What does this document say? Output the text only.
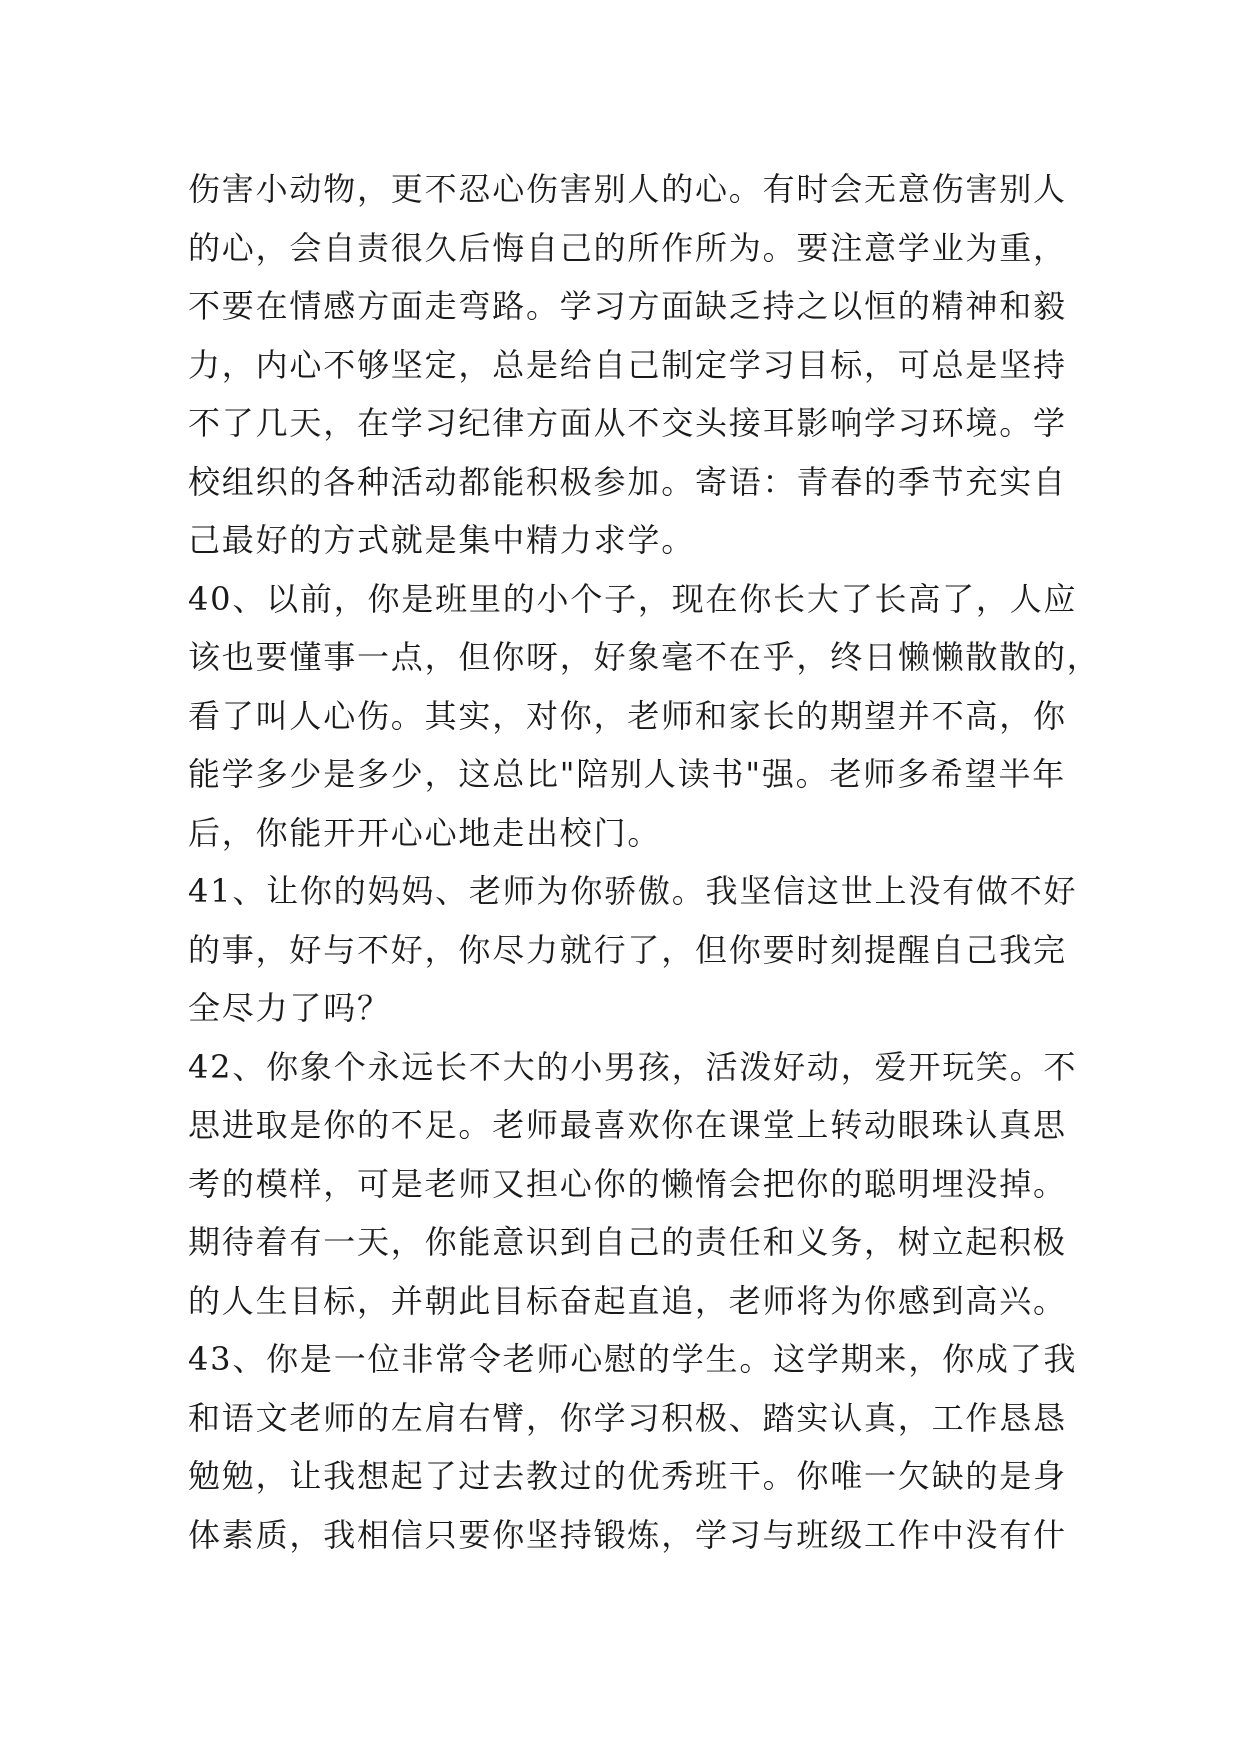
伤害小动物，更不忍心伤害别人的心。有时会无意伤害别人
的心，会自责很久后悔自己的所作所为。要注意学业为重，
不要在情感方面走弯路。学习方面缺乏持之以恒的精神和毅
力，内心不够坚定，总是给自己制定学习目标，可总是坚持
不了几天，在学习纪律方面从不交头接耳影响学习环境。学
校组织的各种活动都能积极参加。寄语：青春的季节充实自
己最好的方式就是集中精力求学。
40、以前，你是班里的小个子，现在你长大了长高了，人应
该也要懂事一点，但你呀，好象毫不在乎，终日懒懒散散的，
看了叫人心伤。其实，对你，老师和家长的期望并不高，你
能学多少是多少，这总比"陪别人读书"强。老师多希望半年
后，你能开开心心地走出校门。
41、让你的妈妈、老师为你骄傲。我坚信这世上没有做不好
的事，好与不好，你尽力就行了，但你要时刻提醒自己我完
全尽力了吗？
42、你象个永远长不大的小男孩，活泼好动，爱开玩笑。不
思进取是你的不足。老师最喜欢你在课堂上转动眼珠认真思
考的模样，可是老师又担心你的懒惰会把你的聪明埋没掉。
期待着有一天，你能意识到自己的责任和义务，树立起积极
的人生目标，并朝此目标奋起直追，老师将为你感到高兴。
43、你是一位非常令老师心慰的学生。这学期来，你成了我
和语文老师的左肩右臂，你学习积极、踏实认真，工作恳恳
勉勉，让我想起了过去教过的优秀班干。你唯一欠缺的是身
体素质，我相信只要你坚持锻炼，学习与班级工作中没有什
